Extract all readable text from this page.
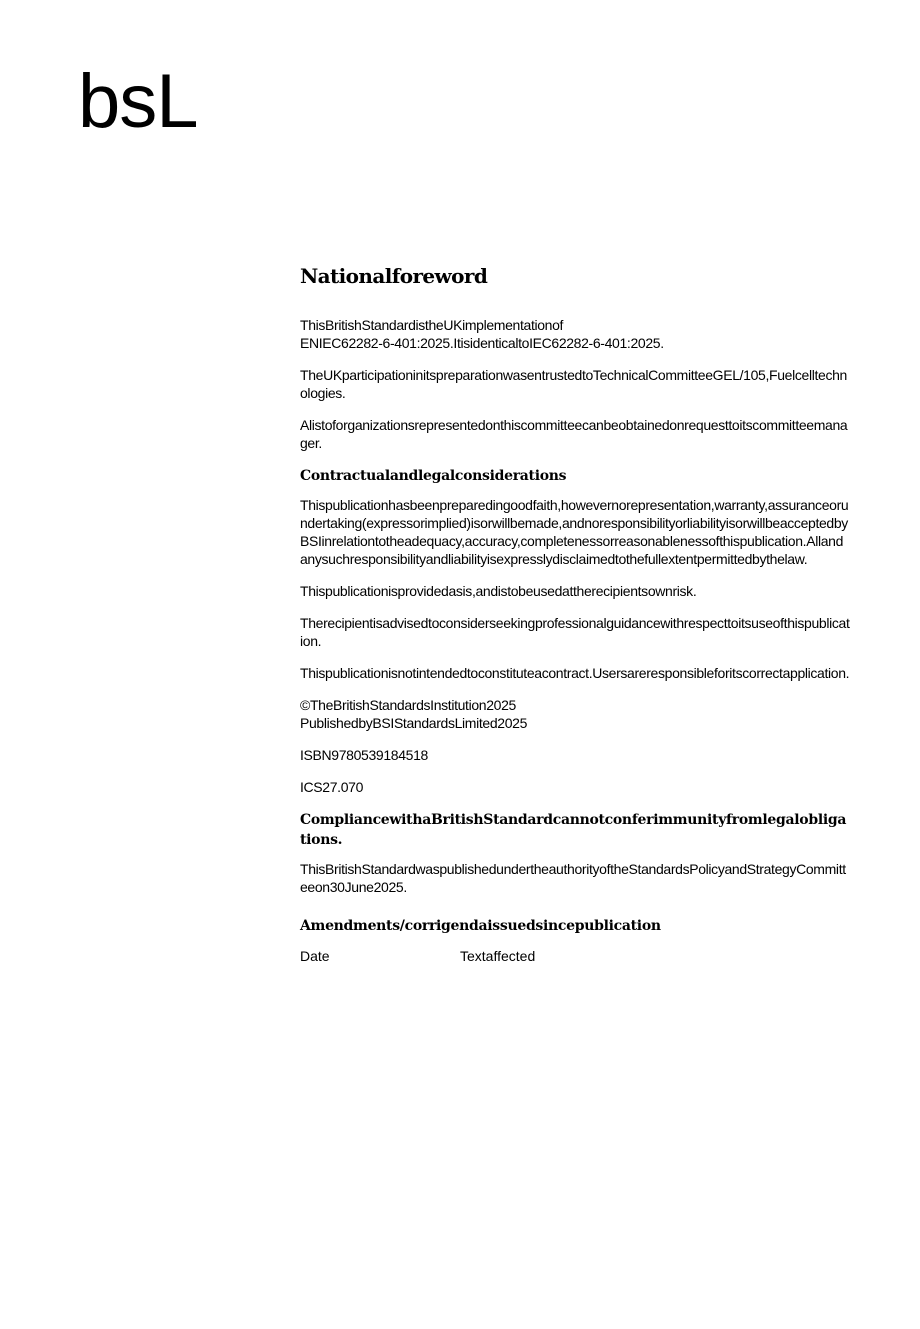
bsL
Nationalforeword

ThisBritishStandardistheUKimplementationof
ENIEC62282-6-401:2025.ItisidenticaltoIEC62282-6-401:2025.

TheUKparticipationinitspreparationwasentrustedtoTechnicalCommitteeGEL/105,Fuelcelltechnologies.

Alistoforganizationsrepresentedonthiscommitteecanbeobtainedonrequesttoitscommitteemanager.

Contractualandlegalconsiderations

Thispublicationhasbeenpreparedingoodfaith,howevernorepresentation,warranty,assuranceorundertaking(expressorimplied)isorwillbemade,andnoresponsibilityorliabilityisorwillbeacceptedbyBSIinrelationtotheadequacy,accuracy,completenessorreasonablenessofthispublication.Allandanysuchresponsibilityandliabilityisexpresslydisclaimedtothefullextentpermittedbythelaw.

Thispublicationisprovidedasis,andistobeusedattherecipientsownrisk.

Therecipientisadvisedtoconsiderseekingprofessionalguidancewithrespecttoitsuseofthispublication.

Thispublicationisnotintendedtoconstituteacontract.Usersareresponsibleforitscorrectapplication.

©TheBritishStandardsInstitution2025
PublishedbyBSIStandardsLimited2025

ISBN9780539184518

ICS27.070

CompliancewithaBritishStandardcannotconferimmunityfromlegalobligations.

ThisBritishStandardwaspublishedundertheauthorityoftheStandardsPolicyandStrategyCommitteeon30June2025.

Amendments/corrigendaissuedsincepublication
Date	Textaffected
